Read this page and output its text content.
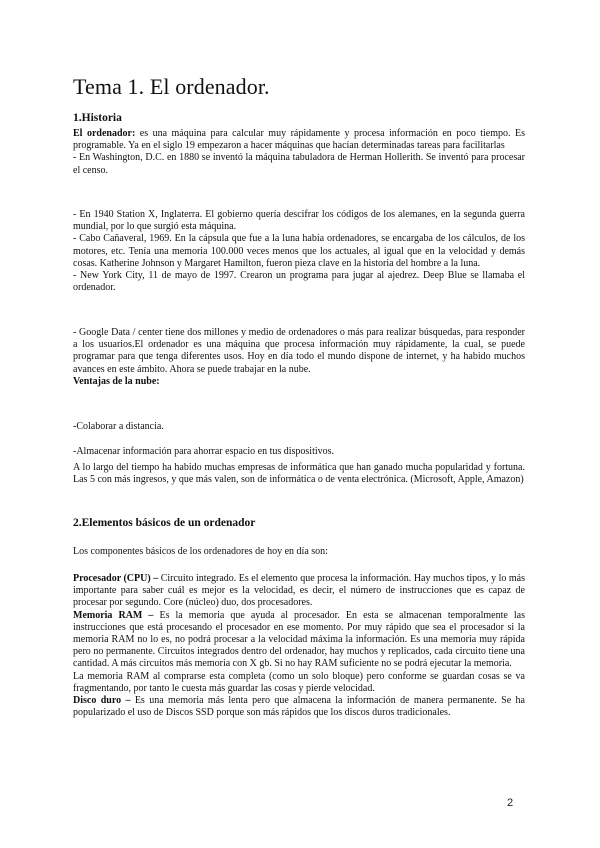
Tema 1. El ordenador.
1.Historia

El ordenador: es una máquina para calcular muy rápidamente y procesa información en poco tiempo. Es programable. Ya en el siglo 19 empezaron a hacer máquinas que hacían determinadas tareas para facilitarlas

- En Washington, D.C. en 1880 se inventó la máquina tabuladora de Herman Hollerith. Se inventó para procesar el censo.

- En 1940 Station X, Inglaterra. El gobierno quería descifrar los códigos de los alemanes, en la segunda guerra mundial, por lo que surgió esta máquina.

- Cabo Cañaveral, 1969. En la cápsula que fue a la luna había ordenadores, se encargaba de los cálculos, de los motores, etc. Tenía una memoria 100.000 veces menos que los actuales, al igual que en la velocidad y demás cosas. Katherine Johnson y Margaret Hamilton, fueron pieza clave en la historia del hombre a la luna.

- New York City, 11 de mayo de 1997. Crearon un programa para jugar al ajedrez. Deep Blue se llamaba el ordenador.

- Google Data / center tiene dos millones y medio de ordenadores o más para realizar búsquedas, para responder a los usuarios.El ordenador es una máquina que procesa información muy rápidamente, la cual, se puede programar para que tenga diferentes usos. Hoy en día todo el mundo dispone de internet, y ha habido muchos avances en este ámbito. Ahora se puede trabajar en la nube.

Ventajas de la nube:

-Colaborar a distancia.

-Almacenar información para ahorrar espacio en tus dispositivos.

A lo largo del tiempo ha habido muchas empresas de informática que han ganado mucha popularidad y fortuna. Las 5 con más ingresos, y que más valen, son de informática o de venta electrónica. (Microsoft, Apple, Amazon)

2.Elementos básicos de un ordenador

Los componentes básicos de los ordenadores de hoy en día son:

Procesador (CPU) – Circuito integrado. Es el elemento que procesa la información. Hay muchos tipos, y lo más importante para saber cuál es mejor es la velocidad, es decir, el número de instrucciones que es capaz de procesar por segundo. Core (núcleo) duo, dos procesadores.

Memoria RAM – Es la memoria que ayuda al procesador. En esta se almacenan temporalmente las instrucciones que está procesando el procesador en ese momento. Por muy rápido que sea el procesador si la memoria RAM no lo es, no podrá procesar a la velocidad máxima la información. Es una memoria muy rápida pero no permanente. Circuitos integrados dentro del ordenador, hay muchos y replicados, cada circuito tiene una cantidad. A más circuitos más memoria con X gb. Si no hay RAM suficiente no se podrá ejecutar la memoria.

La memoria RAM al comprarse esta completa (como un solo bloque) pero conforme se guardan cosas se va fragmentando, por tanto le cuesta más guardar las cosas y pierde velocidad.

Disco duro – Es una memoria más lenta pero que almacena la información de manera permanente. Se ha popularizado el uso de Discos SSD porque son más rápidos que los discos duros tradicionales.

2
